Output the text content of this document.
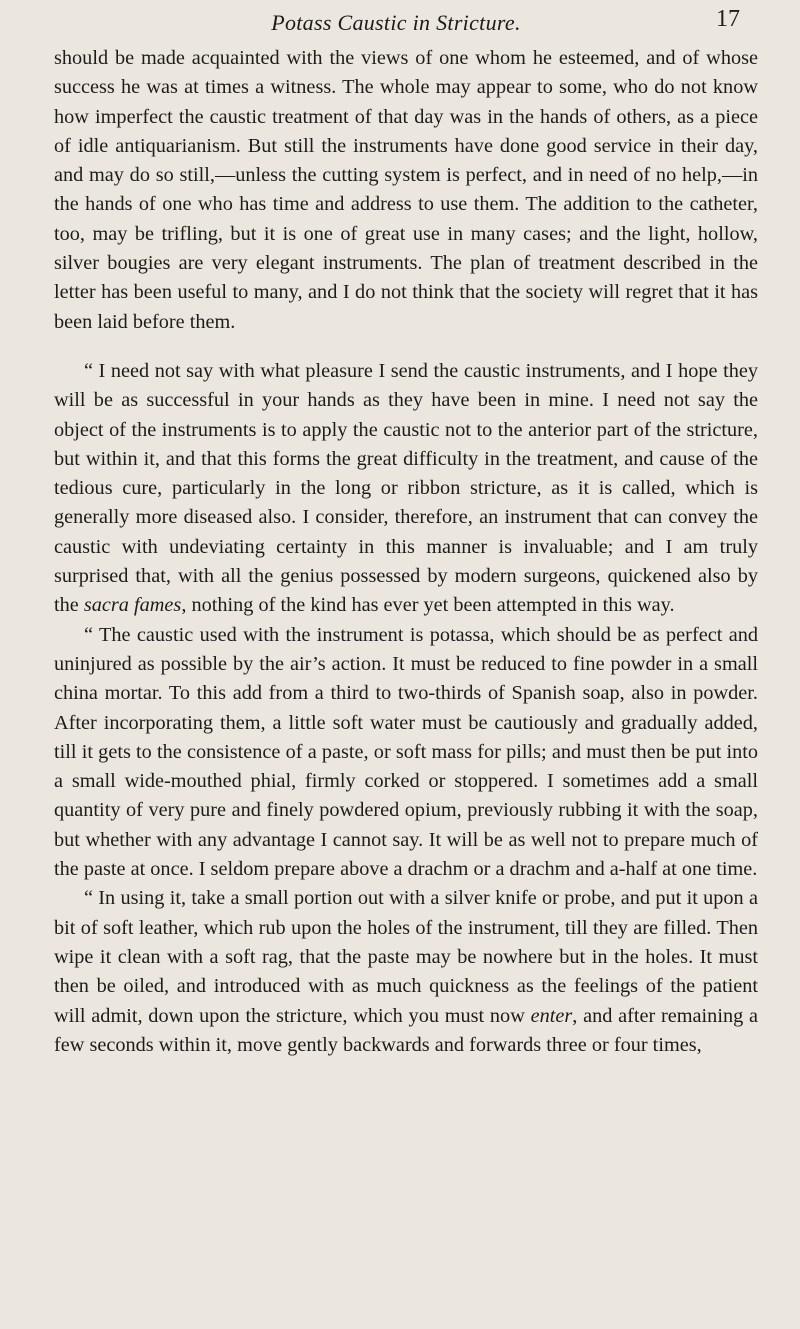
Potass Caustic in Stricture.	17

should be made acquainted with the views of one whom he esteemed, and of whose success he was at times a witness. The whole may appear to some, who do not know how imperfect the caustic treatment of that day was in the hands of others, as a piece of idle antiquarianism. But still the instruments have done good service in their day, and may do so still,—unless the cutting system is perfect, and in need of no help,—in the hands of one who has time and address to use them. The addition to the catheter, too, may be trifling, but it is one of great use in many cases; and the light, hollow, silver bougies are very elegant instruments. The plan of treatment described in the letter has been useful to many, and I do not think that the society will regret that it has been laid before them.

“ I need not say with what pleasure I send the caustic instruments, and I hope they will be as successful in your hands as they have been in mine. I need not say the object of the instruments is to apply the caustic not to the anterior part of the stricture, but within it, and that this forms the great difficulty in the treatment, and cause of the tedious cure, particularly in the long or ribbon stricture, as it is called, which is generally more diseased also. I consider, therefore, an instrument that can convey the caustic with undeviating certainty in this manner is invaluable; and I am truly surprised that, with all the genius possessed by modern surgeons, quickened also by the sacra fames, nothing of the kind has ever yet been attempted in this way.

“ The caustic used with the instrument is potassa, which should be as perfect and uninjured as possible by the air’s action. It must be reduced to fine powder in a small china mortar. To this add from a third to two-thirds of Spanish soap, also in powder. After incorporating them, a little soft water must be cautiously and gradually added, till it gets to the consistence of a paste, or soft mass for pills; and must then be put into a small wide-mouthed phial, firmly corked or stoppered. I sometimes add a small quantity of very pure and finely powdered opium, previously rubbing it with the soap, but whether with any advantage I cannot say. It will be as well not to prepare much of the paste at once. I seldom prepare above a drachm or a drachm and a-half at one time.

“ In using it, take a small portion out with a silver knife or probe, and put it upon a bit of soft leather, which rub upon the holes of the instrument, till they are filled. Then wipe it clean with a soft rag, that the paste may be nowhere but in the holes. It must then be oiled, and introduced with as much quickness as the feelings of the patient will admit, down upon the stricture, which you must now enter, and after remaining a few seconds within it, move gently backwards and forwards three or four times,
